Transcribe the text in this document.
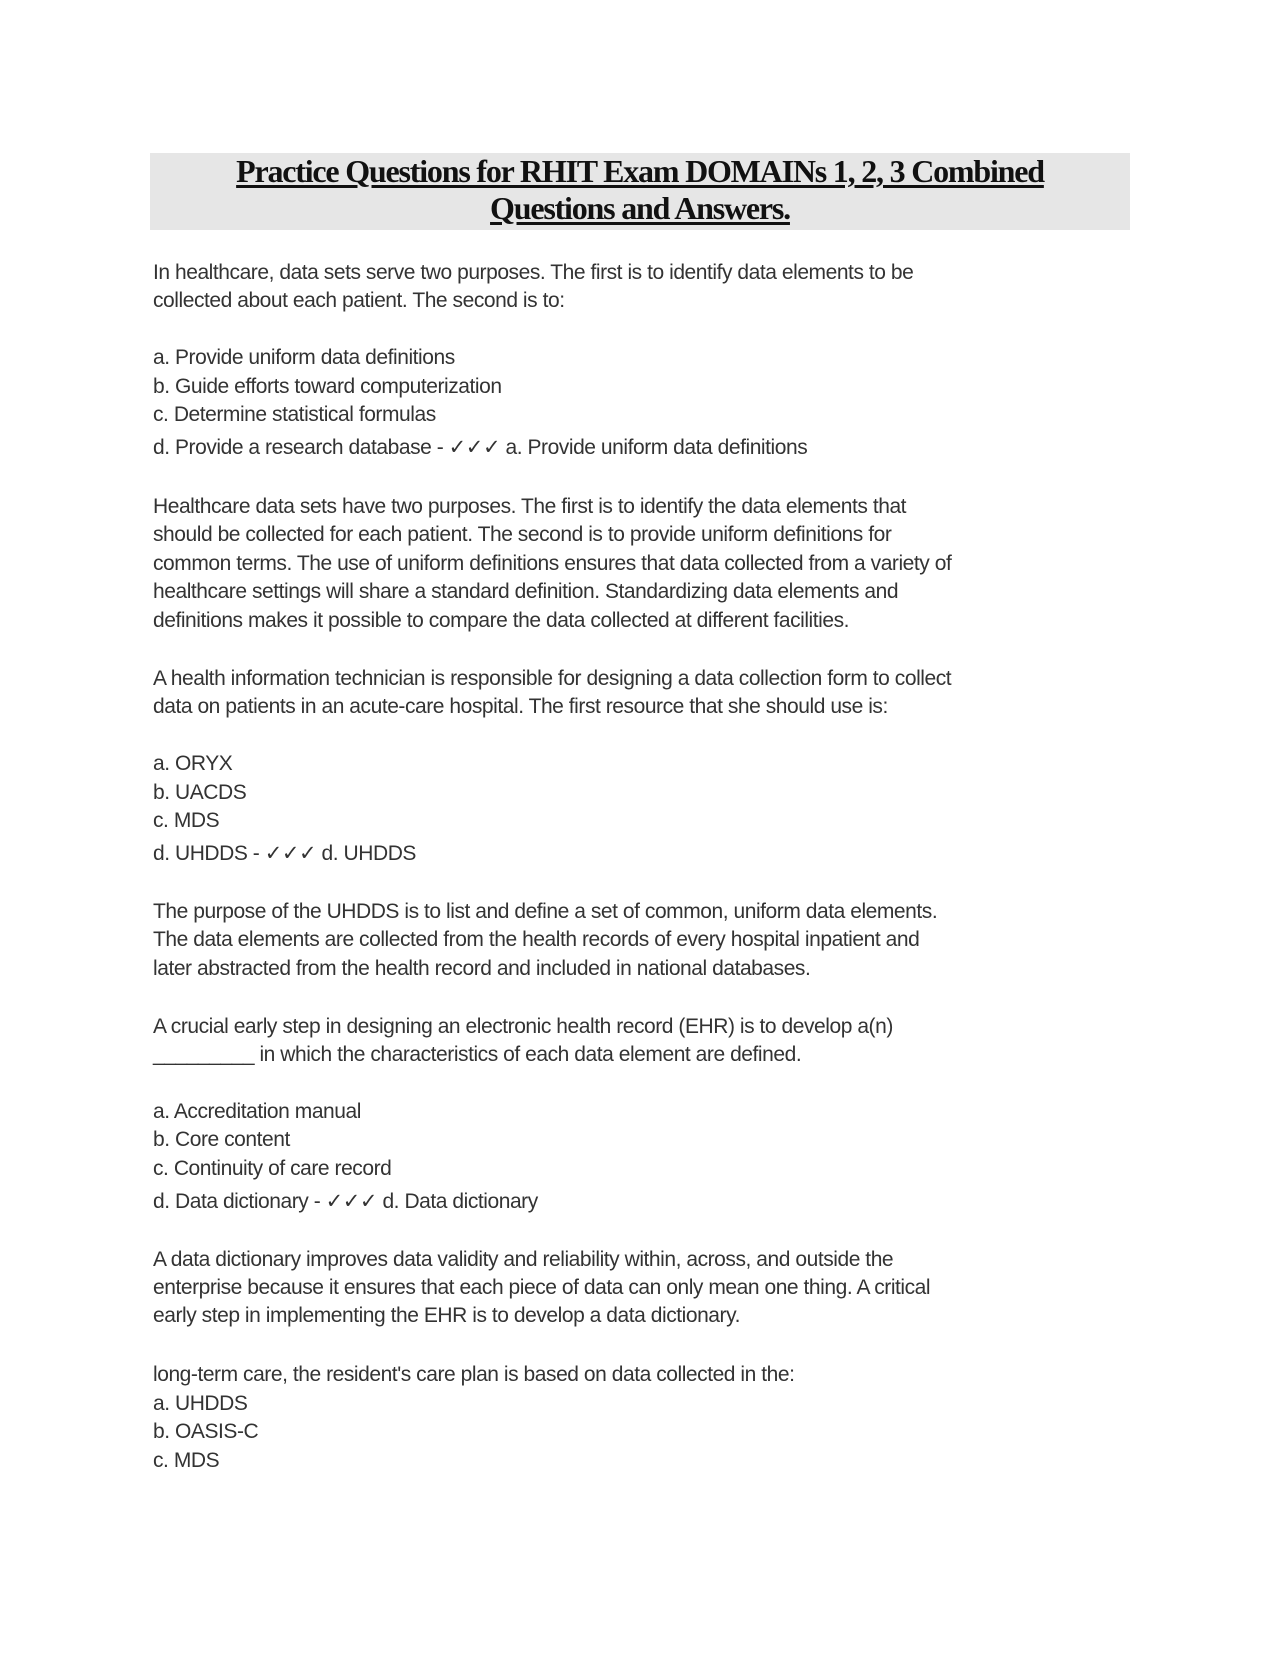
Practice Questions for RHIT Exam DOMAINs 1, 2, 3 Combined
Questions and Answers.
In healthcare, data sets serve two purposes. The first is to identify data elements to be
collected about each patient. The second is to:
a. Provide uniform data definitions
b. Guide efforts toward computerization
c. Determine statistical formulas
d. Provide a research database - ✓✓✓ a. Provide uniform data definitions
Healthcare data sets have two purposes. The first is to identify the data elements that
should be collected for each patient. The second is to provide uniform definitions for
common terms. The use of uniform definitions ensures that data collected from a variety of
healthcare settings will share a standard definition. Standardizing data elements and
definitions makes it possible to compare the data collected at different facilities.
A health information technician is responsible for designing a data collection form to collect
data on patients in an acute-care hospital. The first resource that she should use is:
a. ORYX
b. UACDS
c. MDS
d. UHDDS - ✓✓✓ d. UHDDS
The purpose of the UHDDS is to list and define a set of common, uniform data elements.
The data elements are collected from the health records of every hospital inpatient and
later abstracted from the health record and included in national databases.
A crucial early step in designing an electronic health record (EHR) is to develop a(n)
_________ in which the characteristics of each data element are defined.
a. Accreditation manual
b. Core content
c. Continuity of care record
d. Data dictionary - ✓✓✓ d. Data dictionary
A data dictionary improves data validity and reliability within, across, and outside the
enterprise because it ensures that each piece of data can only mean one thing. A critical
early step in implementing the EHR is to develop a data dictionary.
long-term care, the resident's care plan is based on data collected in the:
a. UHDDS
b. OASIS-C
c. MDS
